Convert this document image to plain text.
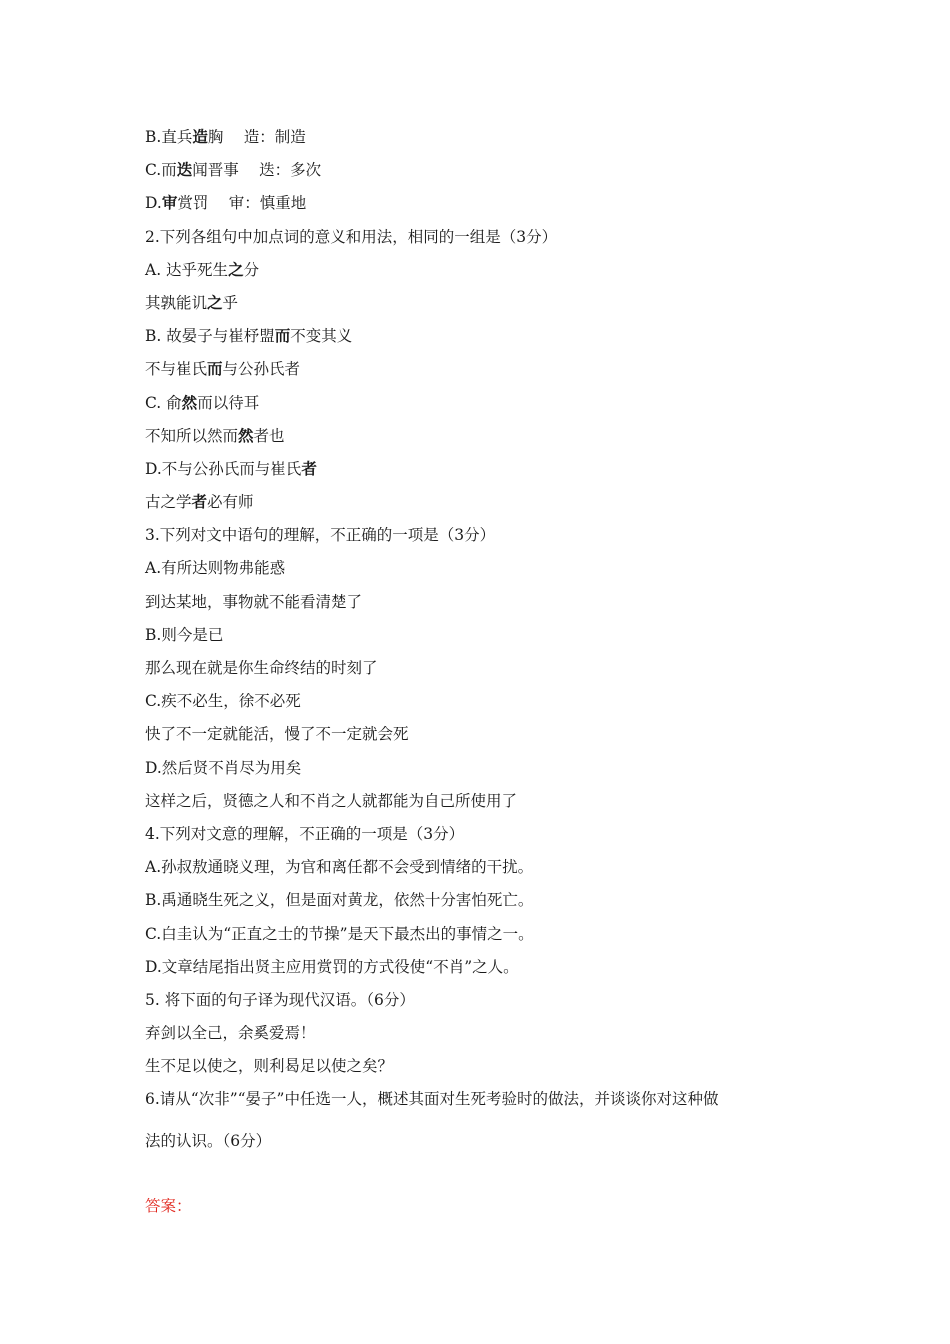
B.直兵造胸　 造：制造
C.而迭闻晋事　 迭：多次
D.审赏罚　 审：慎重地
2.下列各组句中加点词的意义和用法，相同的一组是（3分）
A. 达乎死生之分
其孰能讥之乎
B. 故晏子与崔杼盟而不变其义
不与崔氏而与公孙氏者
C. 俞然而以待耳
不知所以然而然者也
D.不与公孙氏而与崔氏者
古之学者必有师
3.下列对文中语句的理解，不正确的一项是（3分）
A.有所达则物弗能惑
到达某地，事物就不能看清楚了
B.则今是已
那么现在就是你生命终结的时刻了
C.疾不必生，徐不必死
快了不一定就能活，慢了不一定就会死
D.然后贤不肖尽为用矣
这样之后，贤德之人和不肖之人就都能为自己所使用了
4.下列对文意的理解，不正确的一项是（3分）
A.孙叔敖通晓义理，为官和离任都不会受到情绪的干扰。
B.禹通晓生死之义，但是面对黄龙，依然十分害怕死亡。
C.白圭认为“正直之士的节操”是天下最杰出的事情之一。
D.文章结尾指出贤主应用赏罚的方式役使“不肖”之人。
5. 将下面的句子译为现代汉语。（6分）
弃剑以全己，余奚爱焉！
生不足以使之，则利曷足以使之矣？
6.请从“次非”“晏子”中任选一人，概述其面对生死考验时的做法，并谈谈你对这种做
法的认识。（6分）
答案：
